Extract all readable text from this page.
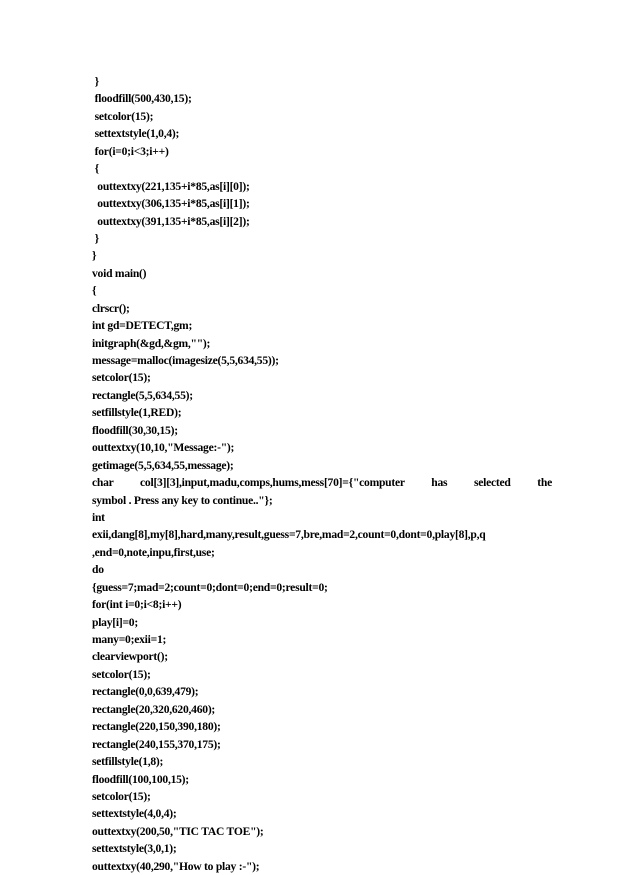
}
floodfill(500,430,15);
setcolor(15);
settextstyle(1,0,4);
for(i=0;i<3;i++)
{
outtextxy(221,135+i*85,as[i][0]);
outtextxy(306,135+i*85,as[i][1]);
outtextxy(391,135+i*85,as[i][2]);
}
}
void main()
{
clrscr();
int gd=DETECT,gm;
initgraph(&gd,&gm,"");
message=malloc(imagesize(5,5,634,55));
setcolor(15);
rectangle(5,5,634,55);
setfillstyle(1,RED);
floodfill(30,30,15);
outtextxy(10,10,"Message:-");
getimage(5,5,634,55,message);
char col[3][3],input,madu,comps,hums,mess[70]={"computer has selected the
symbol . Press any key to continue.."};
int
exii,dang[8],my[8],hard,many,result,guess=7,bre,mad=2,count=0,dont=0,play[8],p,q
,end=0,note,inpu,first,use;
do
{guess=7;mad=2;count=0;dont=0;end=0;result=0;
for(int i=0;i<8;i++)
play[i]=0;
many=0;exii=1;
clearviewport();
setcolor(15);
rectangle(0,0,639,479);
rectangle(20,320,620,460);
rectangle(220,150,390,180);
rectangle(240,155,370,175);
setfillstyle(1,8);
floodfill(100,100,15);
setcolor(15);
settextstyle(4,0,4);
outtextxy(200,50,"TIC TAC TOE");
settextstyle(3,0,1);
outtextxy(40,290,"How to play :-");
